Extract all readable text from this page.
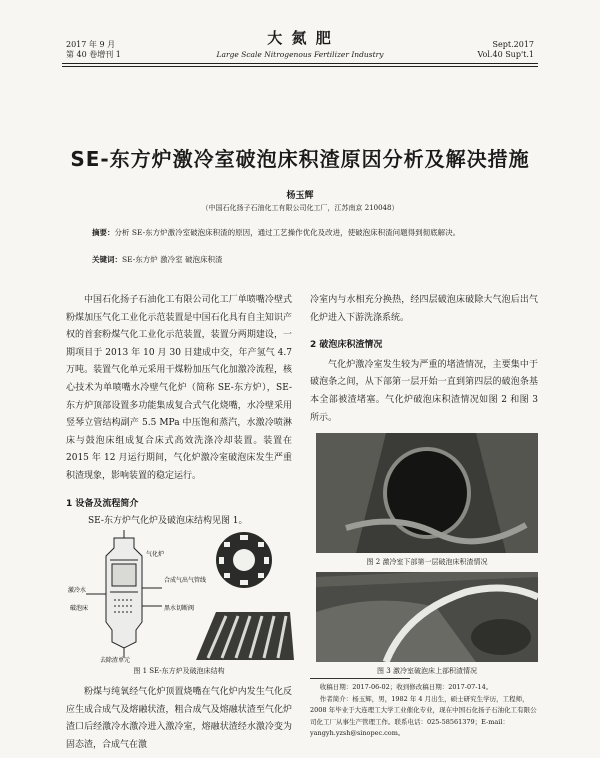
2017 年 9 月
第 40 卷增刊 1
大 氮 肥
Large Scale Nitrogenous Fertilizer Industry
Sept.2017
Vol.40 Sup't.1
SE-东方炉激冷室破泡床积渣原因分析及解决措施
杨玉辉
（中国石化扬子石油化工有限公司化工厂，江苏南京 210048）
摘要：分析 SE-东方炉激冷室破泡床积渣的原因，通过工艺操作优化及改进，使破泡床积渣问题得到彻底解决。
关键词：SE-东方炉 激冷室 破泡床积渣

中国石化扬子石油化工有限公司化工厂单喷嘴冷壁式粉煤加压气化工业化示范装置是中国石化具有自主知识产权的首套粉煤气化工业化示范装置，装置分两期建设，一期项目于 2013 年 10 月 30 日建成中交，年产氢气 4.7 万吨。装置气化单元采用干煤粉加压气化加激冷流程，核心技术为单喷嘴水冷壁气化炉（简称 SE-东方炉），SE-东方炉顶部设置多功能集成复合式气化烧嘴，水冷壁采用竖琴立管结构副产 5.5 MPa 中压饱和蒸汽，水激冷喷淋床与鼓泡床组成复合床式高效洗涤冷却装置。装置在 2015 年 12 月运行期间，气化炉激冷室破泡床发生严重积渣现象，影响装置的稳定运行。

1 设备及流程简介
SE-东方炉气化炉及破泡床结构见图 1。
气化炉
激冷水
合成气出气管线
破泡床	黑水切断阀
去除渣单元
图 1 SE-东方炉及破泡床结构

粉煤与纯氧经气化炉顶置烧嘴在气化炉内发生气化反应生成合成气及熔融状渣，粗合成气及熔融状渣至气化炉渣口后经激冷水激冷进入激冷室，熔融状渣经水激冷变为固态渣，合成气在激

冷室内与水相充分换热，经四层破泡床破除大气泡后出气化炉进入下游洗涤系统。

2 破泡床积渣情况

气化炉激冷室发生较为严重的堵渣情况，主要集中于破泡条之间，从下部第一层开始一直到第四层的破泡条基本全部被渣堵塞。气化炉破泡床积渣情况如图 2 和图 3 所示。

图 2 激冷室下部第一层破泡床积渣情况
图 3 激冷室破泡床上部积渣情况

收稿日期：2017-06-02；收到修改稿日期：2017-07-14。

作者简介：杨玉辉，男，1982 年 4 月出生，硕士研究生学历，工程师，2008 年毕业于大连理工大学工业催化专业，现在中国石化扬子石油化工有限公司化工厂从事生产管理工作。联系电话：025-58561379；E-mail：yangyh.yzsh@sinopec.com。
